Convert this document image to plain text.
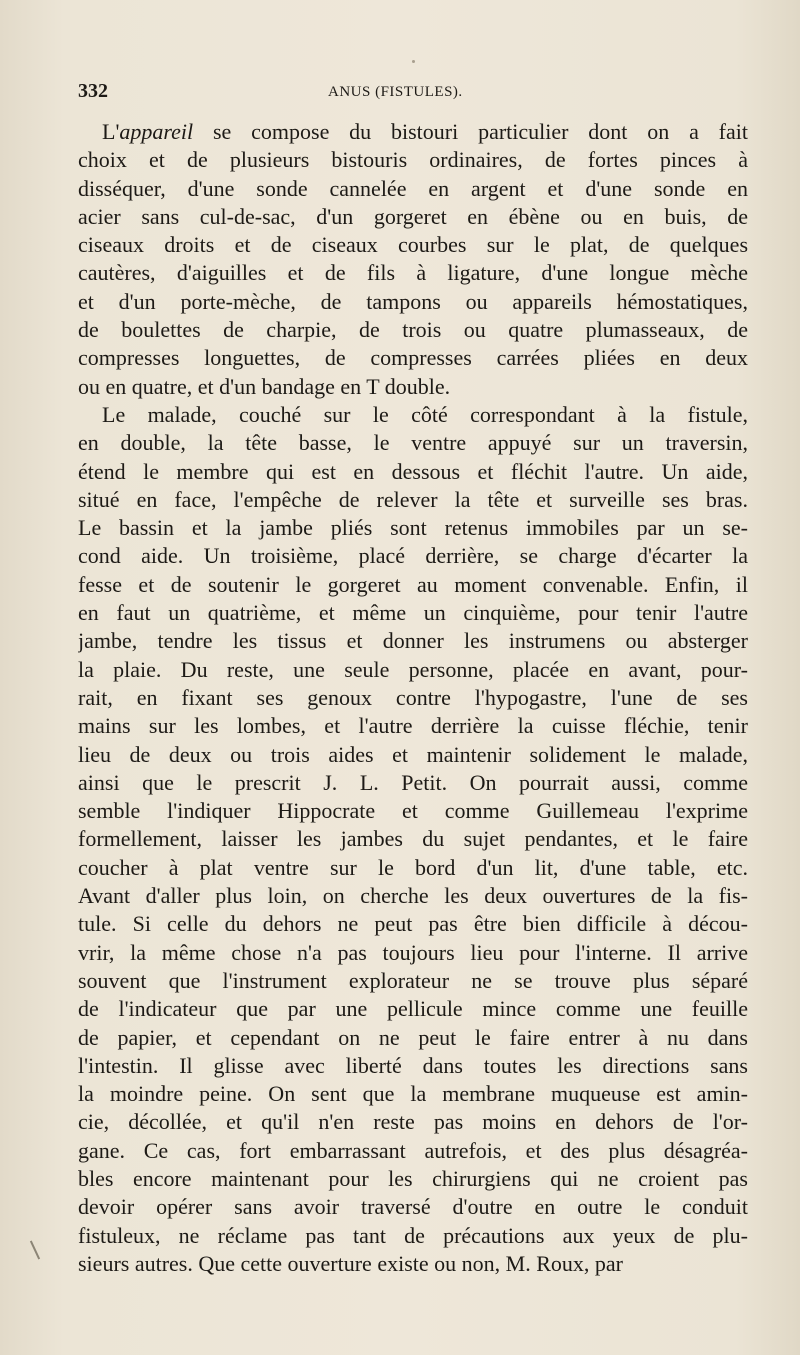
332	ANUS (FISTULES).
L'appareil se compose du bistouri particulier dont on a fait
choix et de plusieurs bistouris ordinaires, de fortes pinces à
disséquer, d'une sonde cannelée en argent et d'une sonde en
acier sans cul-de-sac, d'un gorgeret en ébène ou en buis, de
ciseaux droits et de ciseaux courbes sur le plat, de quelques
cautères, d'aiguilles et de fils à ligature, d'une longue mèche
et d'un porte-mèche, de tampons ou appareils hémostatiques,
de boulettes de charpie, de trois ou quatre plumasseaux, de
compresses longuettes, de compresses carrées pliées en deux
ou en quatre, et d'un bandage en T double.
Le malade, couché sur le côté correspondant à la fistule,
en double, la tête basse, le ventre appuyé sur un traversin,
étend le membre qui est en dessous et fléchit l'autre. Un aide,
situé en face, l'empêche de relever la tête et surveille ses bras.
Le bassin et la jambe pliés sont retenus immobiles par un se-
cond aide. Un troisième, placé derrière, se charge d'écarter la
fesse et de soutenir le gorgeret au moment convenable. Enfin, il
en faut un quatrième, et même un cinquième, pour tenir l'autre
jambe, tendre les tissus et donner les instrumens ou absterger
la plaie. Du reste, une seule personne, placée en avant, pour-
rait, en fixant ses genoux contre l'hypogastre, l'une de ses
mains sur les lombes, et l'autre derrière la cuisse fléchie, tenir
lieu de deux ou trois aides et maintenir solidement le malade,
ainsi que le prescrit J. L. Petit. On pourrait aussi, comme
semble l'indiquer Hippocrate et comme Guillemeau l'exprime
formellement, laisser les jambes du sujet pendantes, et le faire
coucher à plat ventre sur le bord d'un lit, d'une table, etc.
Avant d'aller plus loin, on cherche les deux ouvertures de la fis-
tule. Si celle du dehors ne peut pas être bien difficile à décou-
vrir, la même chose n'a pas toujours lieu pour l'interne. Il arrive
souvent que l'instrument explorateur ne se trouve plus séparé
de l'indicateur que par une pellicule mince comme une feuille
de papier, et cependant on ne peut le faire entrer à nu dans
l'intestin. Il glisse avec liberté dans toutes les directions sans
la moindre peine. On sent que la membrane muqueuse est amin-
cie, décollée, et qu'il n'en reste pas moins en dehors de l'or-
gane. Ce cas, fort embarrassant autrefois, et des plus désagréa-
bles encore maintenant pour les chirurgiens qui ne croient pas
devoir opérer sans avoir traversé d'outre en outre le conduit
fistuleux, ne réclame pas tant de précautions aux yeux de plu-
sieurs autres. Que cette ouverture existe ou non, M. Roux, par
